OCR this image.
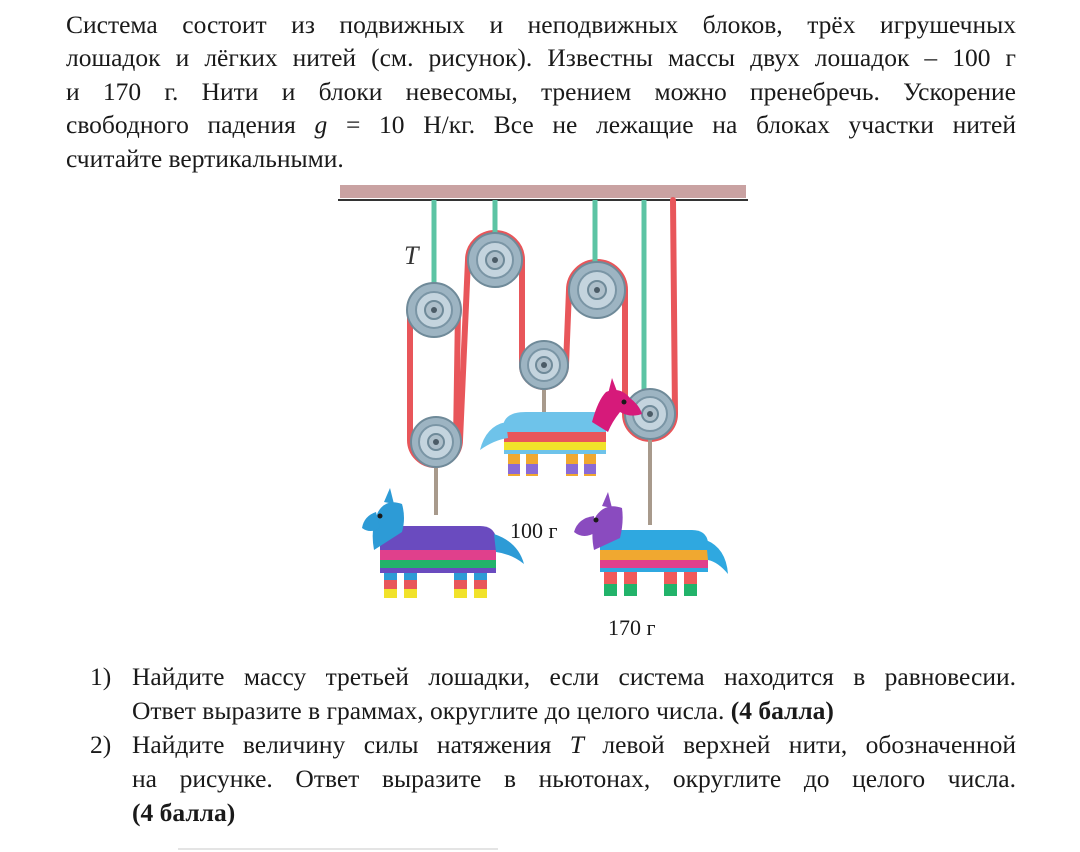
Система состоит из подвижных и неподвижных блоков, трёх игрушечных
лошадок и лёгких нитей (см. рисунок). Известны массы двух лошадок – 100 г
и 170 г. Нити и блоки невесомы, трением можно пренебречь. Ускорение
свободного падения g = 10 Н/кг. Все не лежащие на блоках участки нитей
считайте вертикальными.
T
100 г
170 г
1) Найдите массу третьей лошадки, если система находится в равновесии.
Ответ выразите в граммах, округлите до целого числа. (4 балла)
2) Найдите величину силы натяжения T левой верхней нити, обозначенной
на рисунке. Ответ выразите в ньютонах, округлите до целого числа.
(4 балла)
